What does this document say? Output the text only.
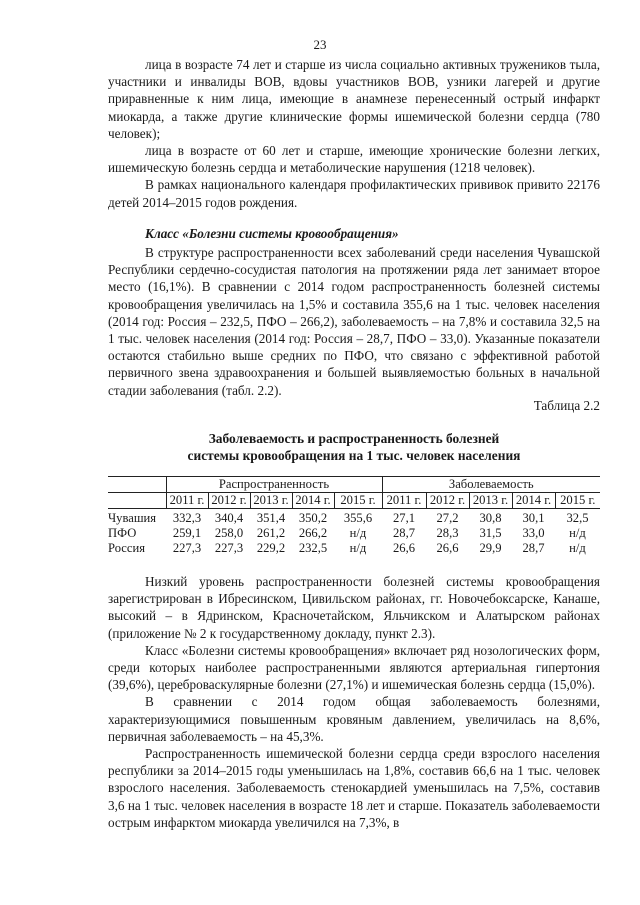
23

лица в возрасте 74 лет и старше из числа социально активных тружеников тыла, участники и инвалиды ВОВ, вдовы участников ВОВ, узники лагерей и другие приравненные к ним лица, имеющие в анамнезе перенесенный острый инфаркт миокарда, а также другие клинические формы ишемической болезни сердца (780 человек);

лица в возрасте от 60 лет и старше, имеющие хронические болезни легких, ишемическую болезнь сердца и метаболические нарушения (1218 человек).

В рамках национального календаря профилактических прививок привито 22176 детей 2014–2015 годов рождения.

Класс «Болезни системы кровообращения»

В структуре распространенности всех заболеваний среди населения Чувашской Республики сердечно-сосудистая патология на протяжении ряда лет занимает второе место (16,1%). В сравнении с 2014 годом распространенность болезней системы кровообращения увеличилась на 1,5% и составила 355,6 на 1 тыс. человек населения (2014 год: Россия – 232,5, ПФО – 266,2), заболеваемость – на 7,8% и составила 32,5 на 1 тыс. человек населения (2014 год: Россия – 28,7, ПФО – 33,0). Указанные показатели остаются стабильно выше средних по ПФО, что связано с эффективной работой первичного звена здравоохранения и большей выявляемостью больных в начальной стадии заболевания (табл. 2.2).

Таблица 2.2
Заболеваемость и распространенность болезней
системы кровообращения на 1 тыс. человек населения
	Распространенность					Заболеваемость				
	2011 г.	2012 г.	2013 г.	2014 г.	2015 г.	2011 г.	2012 г.	2013 г.	2014 г.	2015 г.
Чувашия	332,3	340,4	351,4	350,2	355,6	27,1	27,2	30,8	30,1	32,5
ПФО	259,1	258,0	261,2	266,2	н/д	28,7	28,3	31,5	33,0	н/д
Россия	227,3	227,3	229,2	232,5	н/д	26,6	26,6	29,9	28,7	н/д

Низкий уровень распространенности болезней системы кровообращения зарегистрирован в Ибресинском, Цивильском районах, гг. Новочебоксарске, Канаше, высокий – в Ядринском, Красночетайском, Яльчикском и Алатырском районах (приложение № 2 к государственному докладу, пункт 2.3).

Класс «Болезни системы кровообращения» включает ряд нозологических форм, среди которых наиболее распространенными являются артериальная гипертония (39,6%), цереброваскулярные болезни (27,1%) и ишемическая болезнь сердца (15,0%).

В сравнении с 2014 годом общая заболеваемость болезнями, характеризующимися повышенным кровяным давлением, увеличилась на 8,6%, первичная заболеваемость – на 45,3%.

Распространенность ишемической болезни сердца среди взрослого населения республики за 2014–2015 годы уменьшилась на 1,8%, составив 66,6 на 1 тыс. человек взрослого населения. Заболеваемость стенокардией уменьшилась на 7,5%, составив 3,6 на 1 тыс. человек населения в возрасте 18 лет и старше. Показатель заболеваемости острым инфарктом миокарда увеличился на 7,3%, в
